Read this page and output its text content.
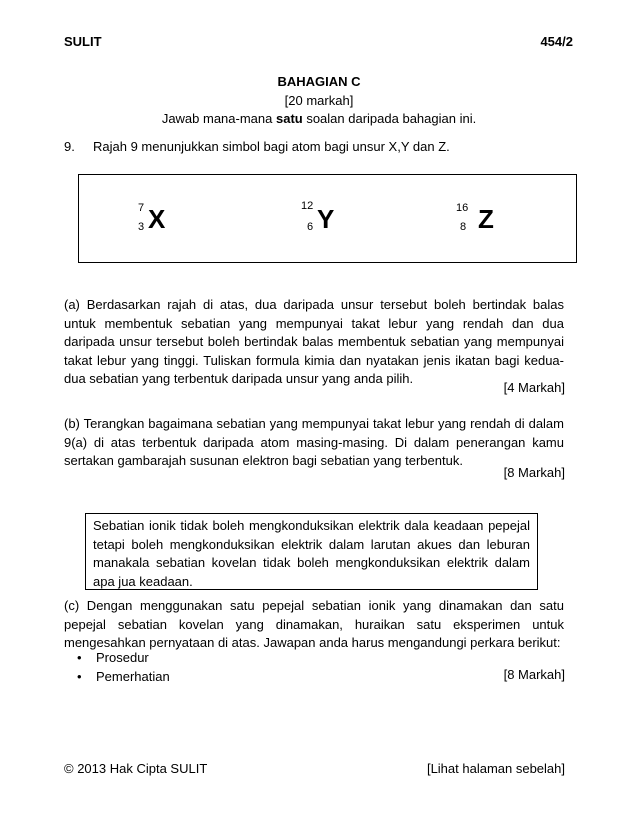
SULIT	454/2
BAHAGIAN C
[20 markah]
Jawab mana-mana satu soalan daripada bahagian ini.
9. Rajah 9 menunjukkan simbol bagi atom bagi unsur X,Y dan Z.
7
3 X	12
6 Y	16
8 Z
(a) Berdasarkan rajah di atas, dua daripada unsur tersebut boleh bertindak balas untuk membentuk sebatian yang mempunyai takat lebur yang rendah dan dua daripada unsur tersebut boleh bertindak balas membentuk sebatian yang mempunyai takat lebur yang tinggi. Tuliskan formula kimia dan nyatakan jenis ikatan bagi kedua- dua sebatian yang terbentuk daripada unsur yang anda pilih.
[4 Markah]
(b) Terangkan bagaimana sebatian yang mempunyai takat lebur yang rendah di dalam 9(a) di atas terbentuk daripada atom masing-masing. Di dalam penerangan kamu sertakan gambarajah susunan elektron bagi sebatian yang terbentuk.
[8 Markah]
Sebatian ionik tidak boleh mengkonduksikan elektrik dala keadaan pepejal tetapi boleh mengkonduksikan elektrik dalam larutan akues dan leburan manakala sebatian kovelan tidak boleh mengkonduksikan elektrik dalam apa jua keadaan.
(c) Dengan menggunakan satu pepejal sebatian ionik yang dinamakan dan satu pepejal sebatian kovelan yang dinamakan, huraikan satu eksperimen untuk mengesahkan pernyataan di atas. Jawapan anda harus mengandungi perkara berikut:
• Prosedur
• Pemerhatian	[8 Markah]
© 2013 Hak Cipta SULIT	[Lihat halaman sebelah]
